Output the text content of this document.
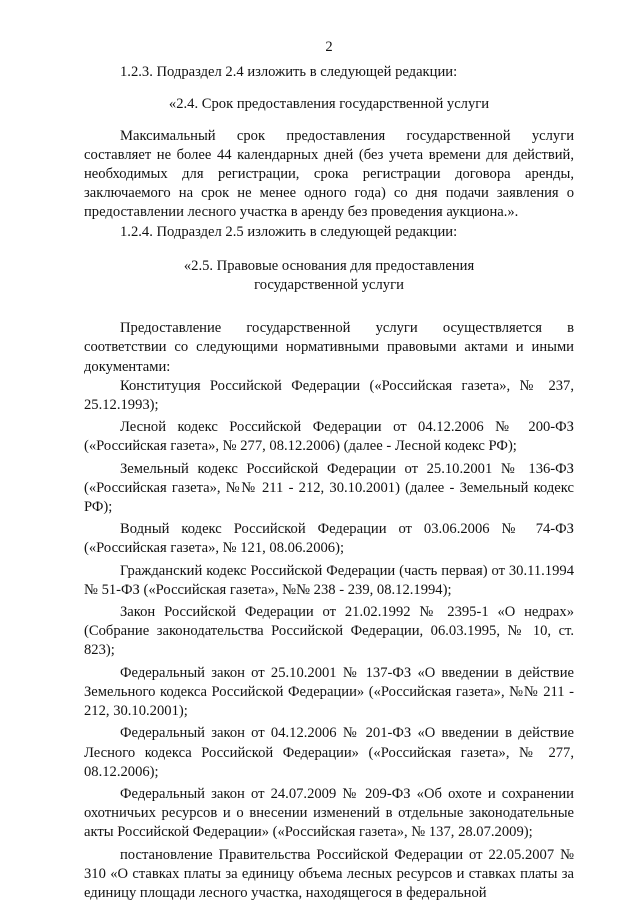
2

1.2.3. Подраздел 2.4 изложить в следующей редакции:

«2.4. Срок предоставления государственной услуги

Максимальный срок предоставления государственной услуги составляет не более 44 календарных дней (без учета времени для действий, необходимых для регистрации, срока регистрации договора аренды, заключаемого на срок не менее одного года) со дня подачи заявления о предоставлении лесного участка в аренду без проведения аукциона.».

1.2.4. Подраздел 2.5 изложить в следующей редакции:

«2.5. Правовые основания для предоставления
государственной услуги

Предоставление государственной услуги осуществляется в соответствии со следующими нормативными правовыми актами и иными документами:

Конституция Российской Федерации («Российская газета», № 237, 25.12.1993);

Лесной кодекс Российской Федерации от 04.12.2006 № 200-ФЗ («Российская газета», № 277, 08.12.2006) (далее - Лесной кодекс РФ);

Земельный кодекс Российской Федерации от 25.10.2001 № 136-ФЗ («Российская газета», №№ 211 - 212, 30.10.2001) (далее - Земельный кодекс РФ);

Водный кодекс Российской Федерации от 03.06.2006 № 74-ФЗ («Российская газета», № 121, 08.06.2006);

Гражданский кодекс Российской Федерации (часть первая) от 30.11.1994 № 51-ФЗ («Российская газета», №№ 238 - 239, 08.12.1994);

Закон Российской Федерации от 21.02.1992 № 2395-1 «О недрах» (Собрание законодательства Российской Федерации, 06.03.1995, № 10, ст. 823);

Федеральный закон от 25.10.2001 № 137-ФЗ «О введении в действие Земельного кодекса Российской Федерации» («Российская газета», №№ 211 - 212, 30.10.2001);

Федеральный закон от 04.12.2006 № 201-ФЗ «О введении в действие Лесного кодекса Российской Федерации» («Российская газета», № 277, 08.12.2006);

Федеральный закон от 24.07.2009 № 209-ФЗ «Об охоте и сохранении охотничьих ресурсов и о внесении изменений в отдельные законодательные акты Российской Федерации» («Российская газета», № 137, 28.07.2009);

постановление Правительства Российской Федерации от 22.05.2007 № 310 «О ставках платы за единицу объема лесных ресурсов и ставках платы за единицу площади лесного участка, находящегося в федеральной
